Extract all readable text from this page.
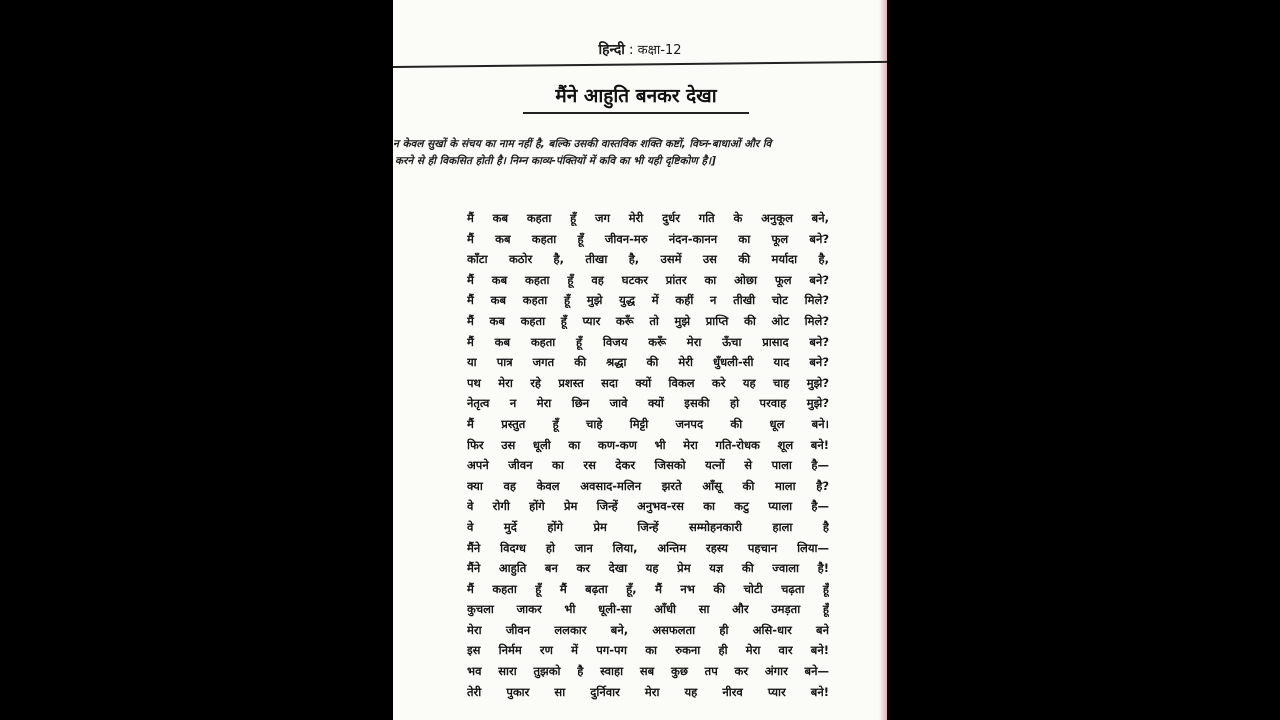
हिन्दी : कक्षा-12
मैंने आहुति बनकर देखा
न केवल सुखों के संचय का नाम नहीं है, बल्कि उसकी वास्तविक शक्ति कष्टों, विघ्न-बाधाओं और वि
करने से ही विकसित होती है। निम्न काव्य-पंक्तियों में कवि का भी यही दृष्टिकोण है।]
मैं कब कहता हूँ जग मेरी दुर्धर गति के अनुकूल बने,
मैं कब कहता हूँ जीवन-मरु नंदन-कानन का फूल बने?
काँटा कठोर है, तीखा है, उसमें उस की मर्यादा है,
मैं कब कहता हूँ वह घटकर प्रांतर का ओछा फूल बने?
मैं कब कहता हूँ मुझे युद्ध में कहीं न तीखी चोट मिले?
मैं कब कहता हूँ प्यार करूँ तो मुझे प्राप्ति की ओट मिले?
मैं कब कहता हूँ विजय करूँ मेरा ऊँचा प्रासाद बने?
या पात्र जगत की श्रद्धा की मेरी धुँधली-सी याद बने?
पथ मेरा रहे प्रशस्त सदा क्यों विकल करे यह चाह मुझे?
नेतृत्व न मेरा छिन जावे क्यों इसकी हो परवाह मुझे?
मैं प्रस्तुत हूँ चाहे मिट्टी जनपद की धूल बने।
फिर उस धूली का कण-कण भी मेरा गति-रोधक शूल बने!
अपने जीवन का रस देकर जिसको यत्नों से पाला है—
क्या वह केवल अवसाद-मलिन झरते आँसू की माला है?
वे रोगी होंगे प्रेम जिन्हें अनुभव-रस का कटु प्याला है—
वे मुर्दे होंगे प्रेम जिन्हें सम्मोहनकारी हाला है
मैंने विदग्ध हो जान लिया, अन्तिम रहस्य पहचान लिया—
मैंने आहुति बन कर देखा यह प्रेम यज्ञ की ज्वाला है!
मैं कहता हूँ मैं बढ़ता हूँ, मैं नभ की चोटी चढ़ता हूँ
कुचला जाकर भी धूली-सा आँधी सा और उमड़ता हूँ
मेरा जीवन ललकार बने, असफलता ही असि-धार बने
इस निर्मम रण में पग-पग का रुकना ही मेरा वार बने!
भव सारा तुझको है स्वाहा सब कुछ तप कर अंगार बने—
तेरी पुकार सा दुर्निवार मेरा यह नीरव प्यार बने!
